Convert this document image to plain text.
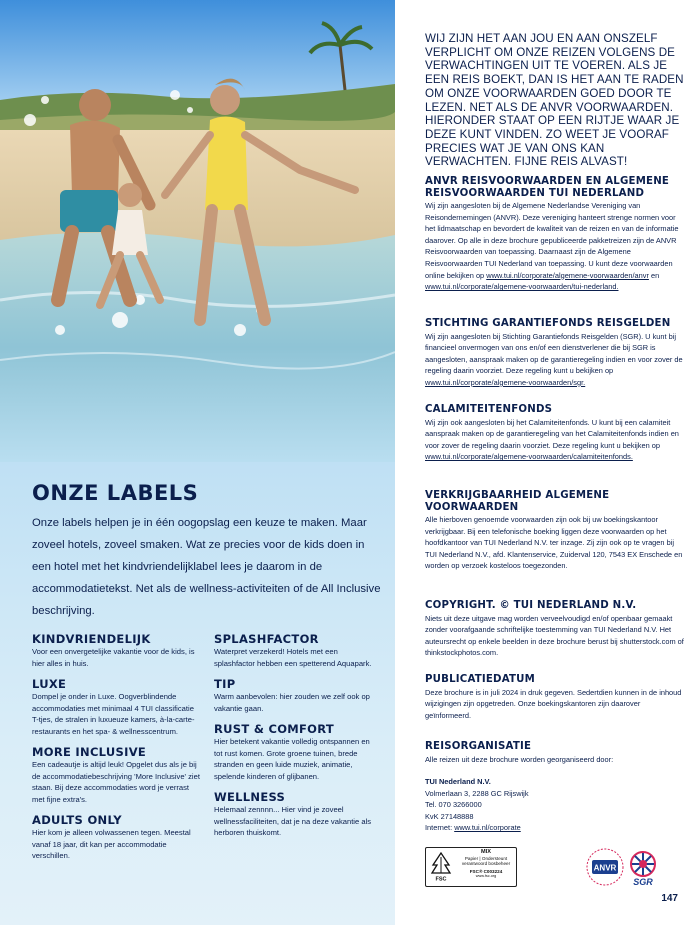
ONZE LABELS
Onze labels helpen je in één oogopslag een keuze te maken. Maar zoveel hotels, zoveel smaken. Wat ze precies voor de kids doen in een hotel met het kindvriendelijklabel lees je daarom in de accommodatietekst. Net als de wellness-activiteiten of de All Inclusive beschrijving.
KINDVRIENDELIJK
Voor een onvergetelijke vakantie voor de kids, is hier alles in huis.
LUXE
Dompel je onder in Luxe. Oogverblindende accommodaties met minimaal 4 TUI classificatie T-tjes, de stralen in luxueuze kamers, à-la-carte-restaurants en het spa- & wellnesscentrum.
MORE INCLUSIVE
Een cadeautje is altijd leuk! Opgelet dus als je bij de accommodatiebeschrijving 'More Inclusive' ziet staan. Bij deze accommodaties word je verrast met fijne extra's.
ADULTS ONLY
Hier kom je alleen volwassenen tegen. Meestal vanaf 18 jaar, dit kan per accommodatie verschillen.
SPLASHFACTOR
Waterpret verzekerd! Hotels met een splashfactor hebben een spetterend Aquapark.
TIP
Warm aanbevolen: hier zouden we zelf ook op vakantie gaan.
RUST & COMFORT
Hier betekent vakantie volledig ontspannen en tot rust komen. Grote groene tuinen, brede stranden en geen luide muziek, animatie, spelende kinderen of glijbanen.
WELLNESS
Helemaal zennnn... Hier vind je zoveel wellnessfaciliteiten, dat je na deze vakantie als herboren thuiskomt.
WIJ ZIJN HET AAN JOU EN AAN ONSZELF VERPLICHT OM ONZE REIZEN VOLGENS DE VERWACHTINGEN UIT TE VOEREN. ALS JE EEN REIS BOEKT, DAN IS HET AAN TE RADEN OM ONZE VOORWAARDEN GOED DOOR TE LEZEN. NET ALS DE ANVR VOORWAARDEN. HIERONDER STAAT OP EEN RIJTJE WAAR JE DEZE KUNT VINDEN. ZO WEET JE VOORAF PRECIES WAT JE VAN ONS KAN VERWACHTEN. FIJNE REIS ALVAST!
ANVR REISVOORWAARDEN EN ALGEMENE REISVOORWAARDEN TUI NEDERLAND
Wij zijn aangesloten bij de Algemene Nederlandse Vereniging van Reisondernemingen (ANVR). Deze vereniging hanteert strenge normen voor het lidmaatschap en bevordert de kwaliteit van de reizen en van de informatie daarover. Op alle in deze brochure gepubliceerde pakketreizen zijn de ANVR Reisvoorwaarden van toepassing. Daarnaast zijn de Algemene Reisvoorwaarden TUI Nederland van toepassing. U kunt deze voorwaarden online bekijken op www.tui.nl/corporate/algemene-voorwaarden/anvr en
www.tui.nl/corporate/algemene-voorwaarden/tui-nederland.
STICHTING GARANTIEFONDS REISGELDEN
Wij zijn aangesloten bij Stichting Garantiefonds Reisgelden (SGR). U kunt bij financieel onvermogen van ons en/of een dienstverlener die bij SGR is aangesloten, aanspraak maken op de garantieregeling indien en voor zover de regeling daarin voorziet. Deze regeling kunt u bekijken op www.tui.nl/corporate/algemene-voorwaarden/sgr.
CALAMITEITENFONDS
Wij zijn ook aangesloten bij het Calamiteitenfonds. U kunt bij een calamiteit aanspraak maken op de garantieregeling van het Calamiteitenfonds indien en voor zover de regeling daarin voorziet. Deze regeling kunt u bekijken op www.tui.nl/corporate/algemene-voorwaarden/calamiteitenfonds.
VERKRIJGBAARHEID ALGEMENE VOORWAARDEN
Alle hierboven genoemde voorwaarden zijn ook bij uw boekingskantoor verkrijgbaar. Bij een telefonische boeking liggen deze voorwaarden op het hoofdkantoor van TUI Nederland N.V. ter inzage. Zij zijn ook op te vragen bij TUI Nederland N.V., afd. Klantenservice, Zuiderval 120, 7543 EX Enschede en worden op verzoek kosteloos toegezonden.
COPYRIGHT. © TUI NEDERLAND N.V.
Niets uit deze uitgave mag worden verveelvoudigd en/of openbaar gemaakt zonder voorafgaande schriftelijke toestemming van TUI Nederland N.V. Het auteursrecht op enkele beelden in deze brochure berust bij shutterstock.com of thinkstockphotos.com.
PUBLICATIEDATUM
Deze brochure is in juli 2024 in druk gegeven. Sedertdien kunnen in de inhoud wijzigingen zijn opgetreden. Onze boekingskantoren zijn daarover geïnformeerd.
REISORGANISATIE
Alle reizen uit deze brochure worden georganiseerd door:
TUI Nederland N.V.
Volmerlaan 3, 2288 GC Rijswijk
Tel. 070 3266000
KvK 27148888
Internet: www.tui.nl/corporate
FSC
MIX
Papier | Ondersteunt
verantwoord bosbeheer
FSC® C003224
www.fsc.org
ANVR
SGR
147
